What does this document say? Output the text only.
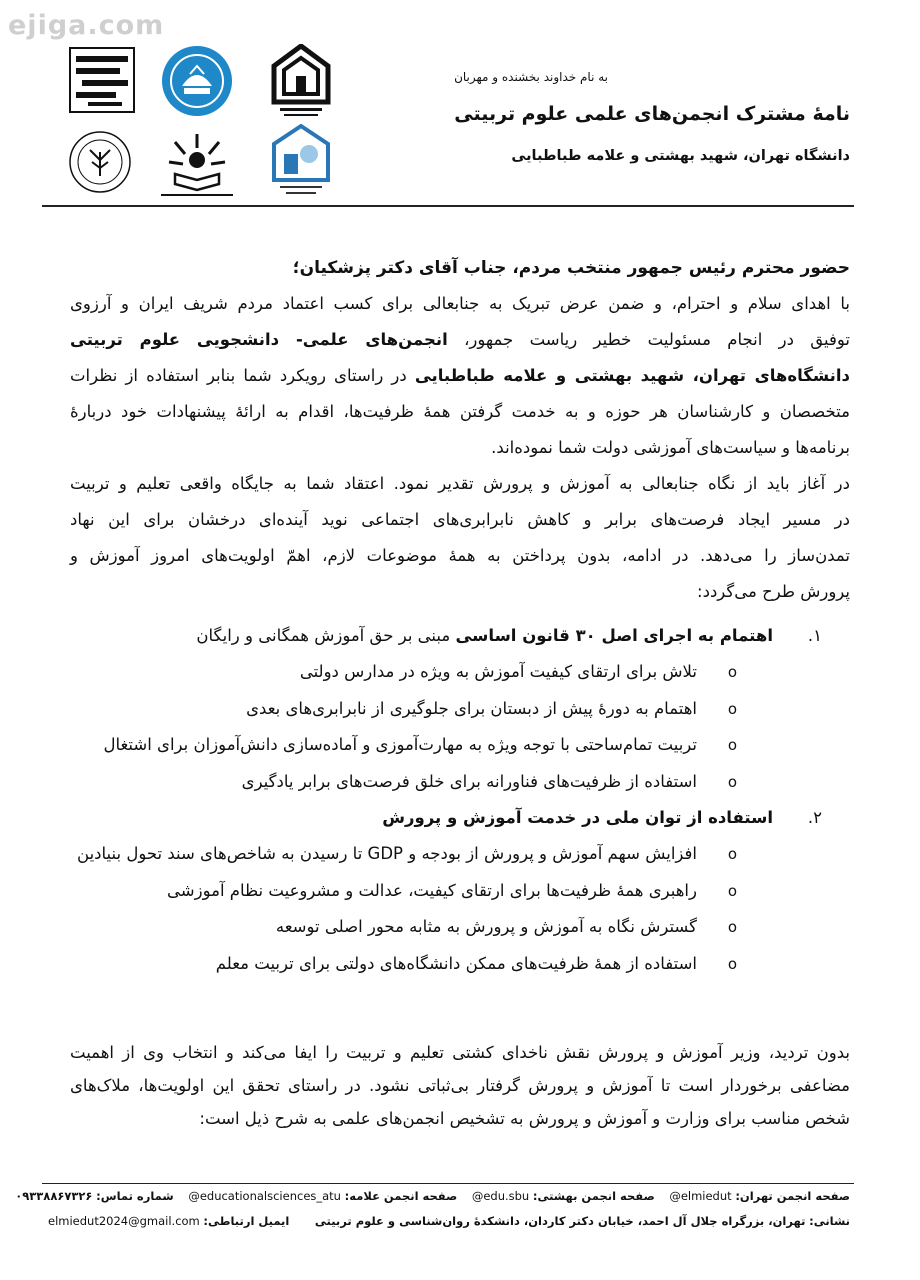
ejiga.com
به نام خداوند بخشنده و مهربان
نامۀ مشترک انجمن‌های علمی علوم تربیتی
دانشگاه تهران، شهید بهشتی و علامه طباطبایی
حضور محترم رئیس جمهور منتخب مردم، جناب آقای دکتر پزشکیان؛

با اهدای سلام و احترام، و ضمن عرض تبریک به جنابعالی برای کسب اعتماد مردم شریف ایران و آرزوی
توفیق در انجام مسئولیت خطیر ریاست جمهور، انجمن‌های علمی- دانشجویی علوم تربیتی
دانشگاه‌های تهران، شهید بهشتی و علامه طباطبایی در راستای رویکرد شما بنابر استفاده از نظرات
متخصصان و کارشناسان هر حوزه و به خدمت گرفتن همۀ ظرفیت‌ها، اقدام به ارائۀ پیشنهادات خود دربارۀ
برنامه‌ها و سیاست‌های آموزشی دولت شما نموده‌اند.

در آغاز باید از نگاه جنابعالی به آموزش و پرورش تقدیر نمود. اعتقاد شما به جایگاه واقعی تعلیم و تربیت
در مسیر ایجاد فرصت‌های برابر و کاهش نابرابری‌های اجتماعی نوید آینده‌ای درخشان برای این نهاد
تمدن‌ساز را می‌دهد. در ادامه، بدون پرداختن به همۀ موضوعات لازم، اهمّ اولویت‌های امروز آموزش و
پرورش طرح می‌گردد:

۱.
اهتمام به اجرای اصل ۳۰ قانون اساسی مبنی بر حق آموزش همگانی و رایگان
o
تلاش برای ارتقای کیفیت آموزش به ویژه در مدارس دولتی
o
اهتمام به دورۀ پیش از دبستان برای جلوگیری از نابرابری‌های بعدی
o
تربیت تمام‌ساحتی با توجه ویژه به مهارت‌آموزی و آماده‌سازی دانش‌آموزان برای اشتغال
o
استفاده از ظرفیت‌های فناورانه برای خلق فرصت‌های برابر یادگیری
۲.
استفاده از توان ملی در خدمت آموزش و پرورش
o
افزایش سهم آموزش و پرورش از بودجه و GDP تا رسیدن به شاخص‌های سند تحول بنیادین
o
راهبری همۀ ظرفیت‌ها برای ارتقای کیفیت، عدالت و مشروعیت نظام آموزشی
o
گسترش نگاه به آموزش و پرورش به مثابه محور اصلی توسعه
o
استفاده از همۀ ظرفیت‌های ممکن دانشگاه‌های دولتی برای تربیت معلم

بدون تردید، وزیر آموزش و پرورش نقش ناخدای کشتی تعلیم و تربیت را ایفا می‌کند و انتخاب وی از اهمیت
مضاعفی برخوردار است تا آموزش و پرورش گرفتار بی‌ثباتی نشود. در راستای تحقق این اولویت‌ها، ملاک‌های
شخص مناسب برای وزارت و آموزش و پرورش به تشخیص انجمن‌های علمی به شرح ذیل است:

صفحه انجمن تهران: @elmiedut    صفحه انجمن بهشتی: @edu.sbu    صفحه انجمن علامه: @educationalsciences_atu    شماره تماس: ۰۹۳۳۸۸۶۷۳۲۶
نشانی: تهران، بزرگراه جلال آل احمد، خیابان دکتر کاردان، دانشکدۀ روان‌شناسی و علوم تربیتی       ایمیل ارتباطی: elmiedut2024@gmail.com
